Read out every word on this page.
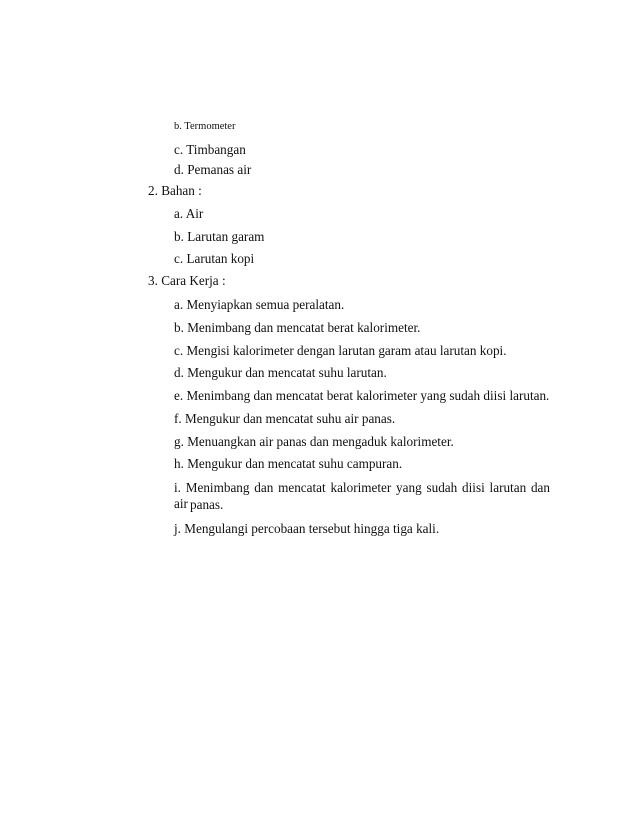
b. Termometer
c. Timbangan
d. Pemanas air
2. Bahan :
a. Air
b. Larutan garam
c. Larutan kopi
3. Cara Kerja :
a. Menyiapkan semua peralatan.
b. Menimbang dan mencatat berat kalorimeter.
c. Mengisi kalorimeter dengan larutan garam atau larutan kopi.
d. Mengukur dan mencatat suhu larutan.
e. Menimbang dan mencatat berat kalorimeter yang sudah diisi larutan.
f. Mengukur dan mencatat suhu air panas.
g. Menuangkan air panas dan mengaduk kalorimeter.
h. Mengukur dan mencatat suhu campuran.
i. Menimbang dan mencatat kalorimeter yang sudah diisi larutan dan air panas.
j. Mengulangi percobaan tersebut hingga tiga kali.
